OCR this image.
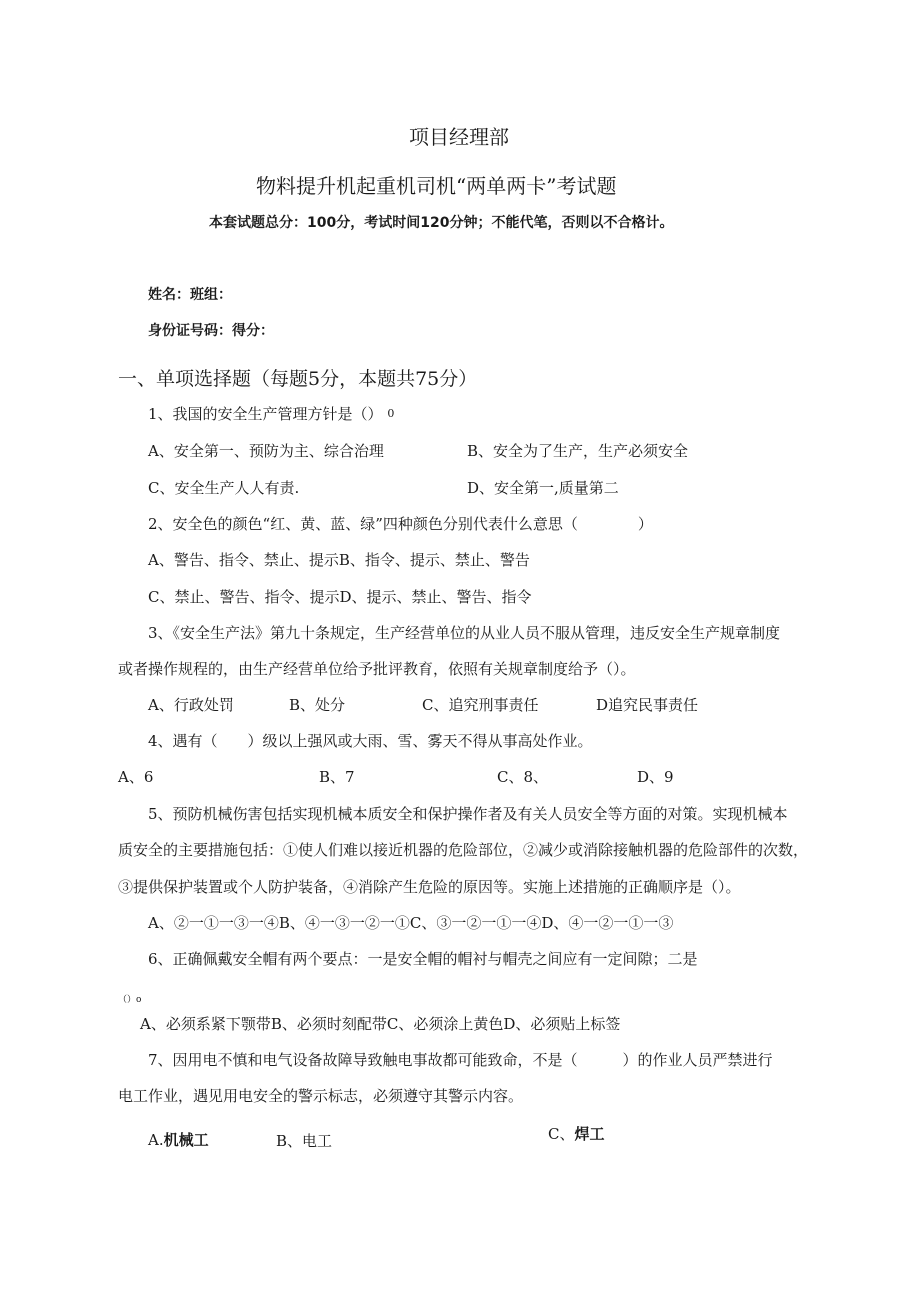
项目经理部
物料提升机起重机司机“两单两卡”考试题
本套试题总分：100分，考试时间120分钟；不能代笔，否则以不合格计。
姓名：班组：
身份证号码：得分：
一、单项选择题（每题5分，本题共75分）
1、我国的安全生产管理方针是（） $^0$
A、安全第一、预防为主、综合治理	B、安全为了生产，生产必须安全
C、安全生产人人有责.	D、安全第一,质量第二
2、安全色的颜色“红、黄、蓝、绿”四种颜色分别代表什么意思（　　　　）
A、警告、指令、禁止、提示B、指令、提示、禁止、警告
C、禁止、警告、指令、提示D、提示、禁止、警告、指令
3、《安全生产法》第九十条规定，生产经营单位的从业人员不服从管理，违反安全生产规章制度
或者操作规程的，由生产经营单位给予批评教育，依照有关规章制度给予（）。
A、行政处罚	B、处分	C、追究刑事责任	D追究民事责任
4、遇有（　　）级以上强风或大雨、雪、雾天不得从事高处作业。
A、6	B、7	C、8、	D、9
5、预防机械伤害包括实现机械本质安全和保护操作者及有关人员安全等方面的对策。实现机械本
质安全的主要措施包括：①使人们难以接近机器的危险部位，②减少或消除接触机器的危险部件的次数，
③提供保护装置或个人防护装备，④消除产生危险的原因等。实施上述措施的正确顺序是（）。
A、②一①一③一④B、④一③一②一①C、③一②一①一④D、④一②一①一③
6、正确佩戴安全帽有两个要点：一是安全帽的帽衬与帽壳之间应有一定间隙；二是
（）o
A、必须系紧下颚带B、必须时刻配带C、必须涂上黄色D、必须贴上标签
7、因用电不慎和电气设备故障导致触电事故都可能致命，不是（　　　）的作业人员严禁进行
电工作业，遇见用电安全的警示标志，必须遵守其警示内容。
A.机械工	B、电工	C、焊工
